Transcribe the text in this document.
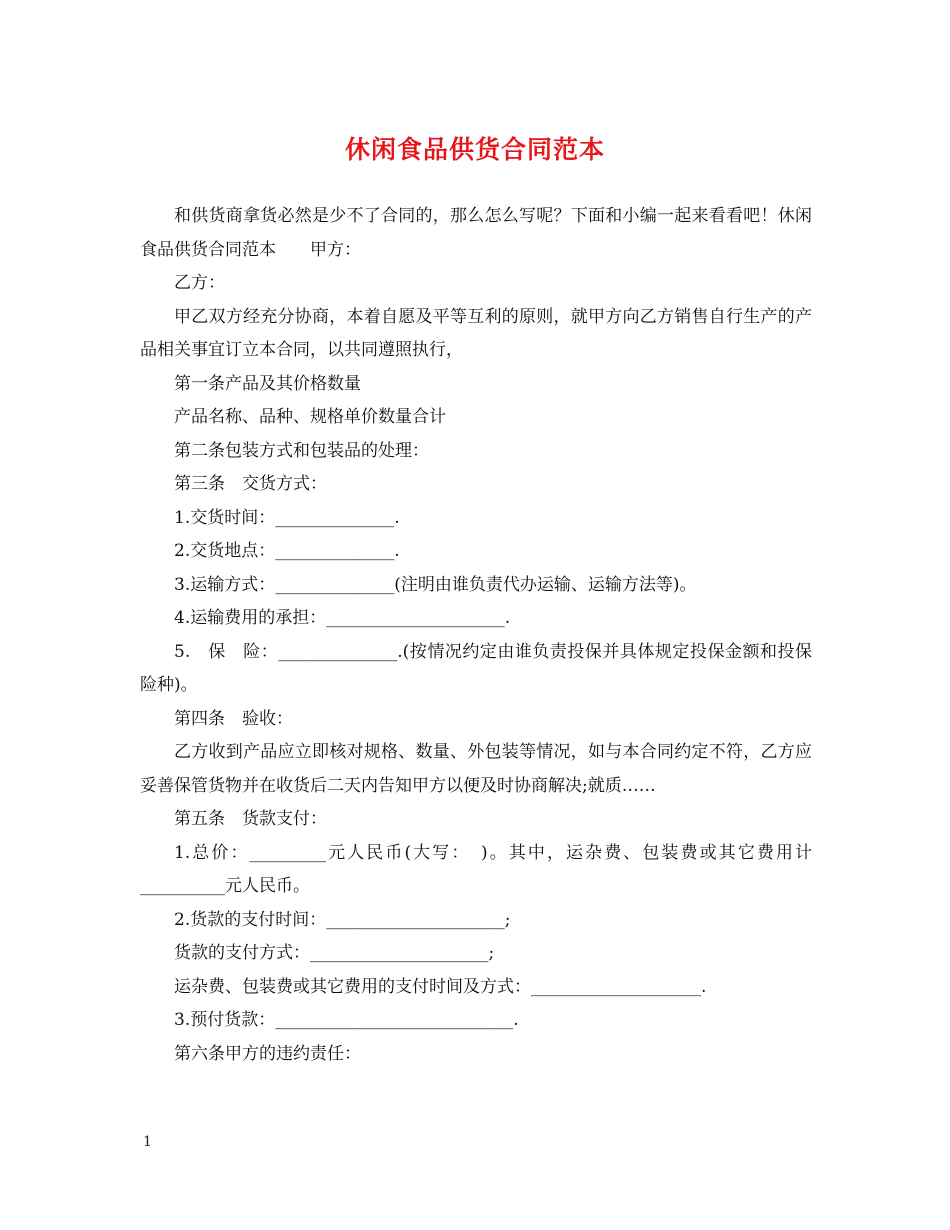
休闲食品供货合同范本

和供货商拿货必然是少不了合同的，那么怎么写呢？下面和小编一起来看看吧！休闲食品供货合同范本　　甲方：

乙方：

甲乙双方经充分协商，本着自愿及平等互利的原则，就甲方向乙方销售自行生产的产品相关事宜订立本合同，以共同遵照执行，

第一条产品及其价格数量

产品名称、品种、规格单价数量合计

第二条包装方式和包装品的处理：

第三条　交货方式：

1.交货时间：______________.

2.交货地点：______________.

3.运输方式：______________(注明由谁负责代办运输、运输方法等)。

4.运输费用的承担：_____________________.

5.　保　险：______________.(按情况约定由谁负责投保并具体规定投保金额和投保险种)。

第四条　验收：

乙方收到产品应立即核对规格、数量、外包装等情况，如与本合同约定不符，乙方应妥善保管货物并在收货后二天内告知甲方以便及时协商解决;就质……

第五条　货款支付：

1.总价：_________元人民币(大写：　)。其中，运杂费、包装费或其它费用计__________元人民币。

2.货款的支付时间：_____________________;

货款的支付方式：_____________________;

运杂费、包装费或其它费用的支付时间及方式：____________________.

3.预付货款：____________________________.

第六条甲方的违约责任：

1
